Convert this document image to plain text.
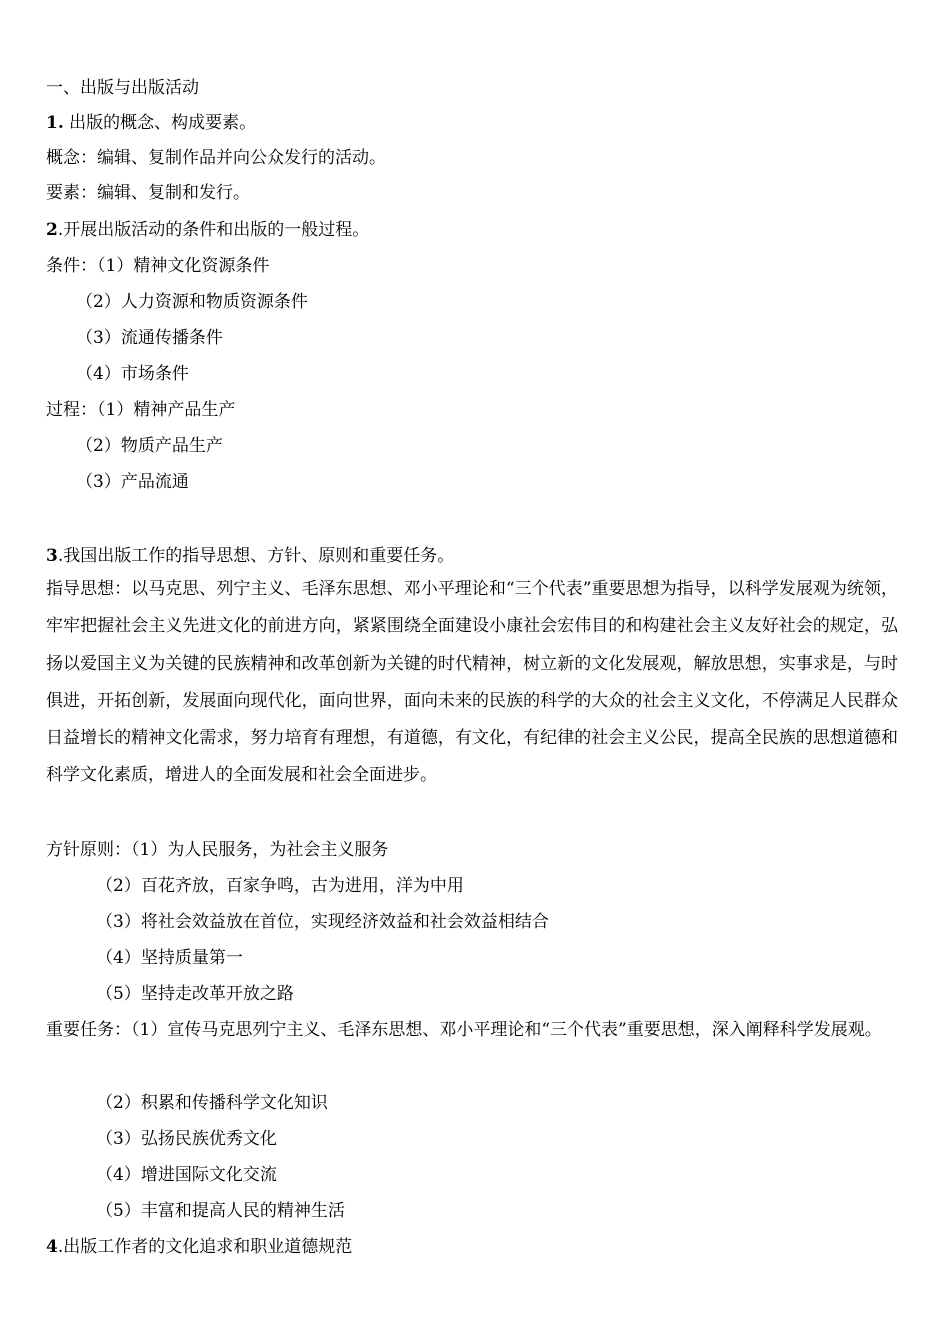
一、出版与出版活动
1. 出版的概念、构成要素。
概念：编辑、复制作品并向公众发行的活动。
要素：编辑、复制和发行。
2.开展出版活动的条件和出版的一般过程。
条件：（1）精神文化资源条件
（2）人力资源和物质资源条件
（3）流通传播条件
（4）市场条件
过程：（1）精神产品生产
（2）物质产品生产
（3）产品流通
3.我国出版工作的指导思想、方针、原则和重要任务。
指导思想：以马克思、列宁主义、毛泽东思想、邓小平理论和“三个代表”重要思想为指导，以科学发展观为统领，牢牢把握社会主义先进文化的前进方向，紧紧围绕全面建设小康社会宏伟目的和构建社会主义友好社会的规定，弘扬以爱国主义为关键的民族精神和改革创新为关键的时代精神，树立新的文化发展观，解放思想，实事求是，与时俱进，开拓创新，发展面向现代化，面向世界，面向未来的民族的科学的大众的社会主义文化，不停满足人民群众日益增长的精神文化需求，努力培育有理想，有道德，有文化，有纪律的社会主义公民，提高全民族的思想道德和科学文化素质，增进人的全面发展和社会全面进步。
方针原则：（1）为人民服务，为社会主义服务
（2）百花齐放，百家争鸣，古为进用，洋为中用
（3）将社会效益放在首位，实现经济效益和社会效益相结合
（4）坚持质量第一
（5）坚持走改革开放之路
重要任务：（1）宣传马克思列宁主义、毛泽东思想、邓小平理论和“三个代表”重要思想，深入阐释科学发展观。
（2）积累和传播科学文化知识
（3）弘扬民族优秀文化
（4）增进国际文化交流
（5）丰富和提高人民的精神生活
4.出版工作者的文化追求和职业道德规范
